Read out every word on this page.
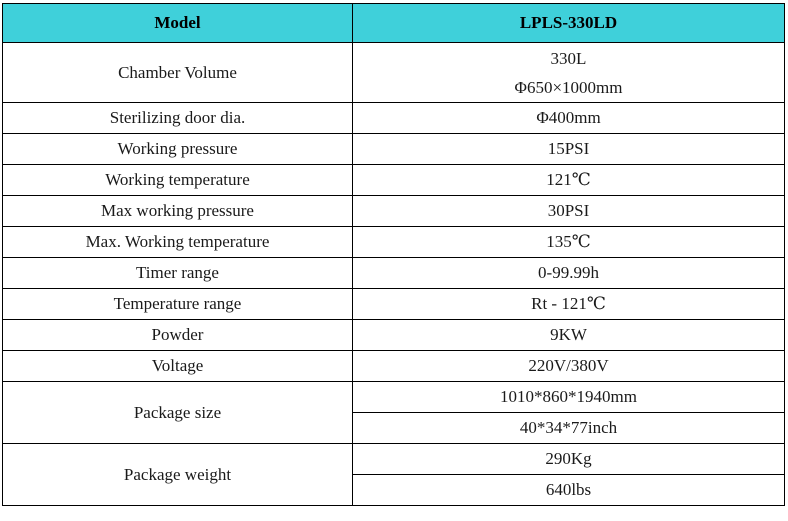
Model	LPLS-330LD
Chamber Volume	330L
Φ650×1000mm

Sterilizing door dia.	Φ400mm
Working pressure	15PSI
Working temperature	121℃
Max working pressure	30PSI
Max. Working temperature	135℃
Timer range	0-99.99h
Temperature range	Rt - 121℃
Powder	9KW
Voltage	220V/380V
Package size	1010*860*1940mm
	40*34*77inch
Package weight	290Kg
	640lbs
